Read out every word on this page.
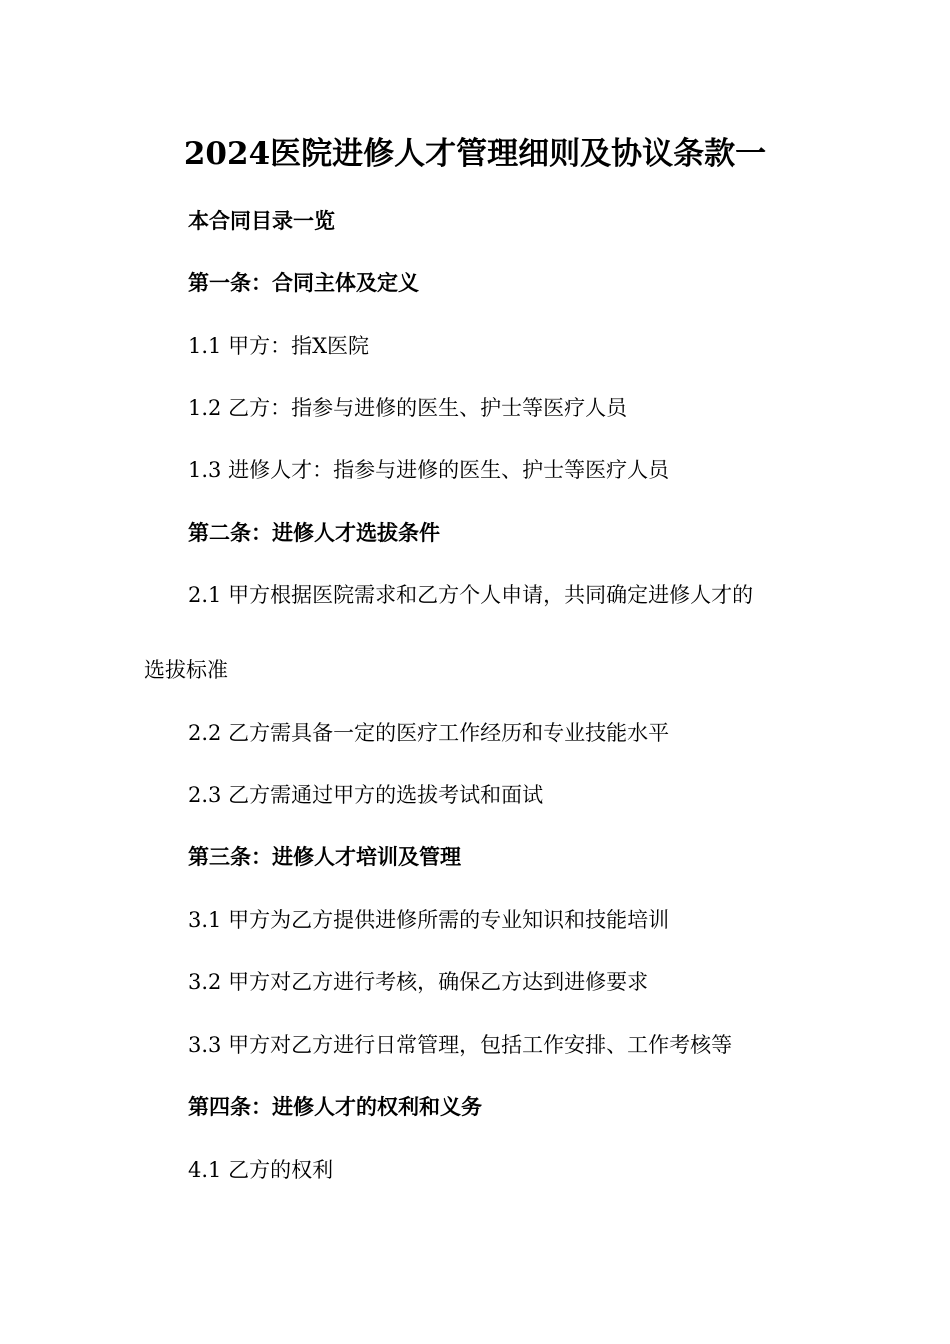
2024医院进修人才管理细则及协议条款一
本合同目录一览
第一条：合同主体及定义
1.1 甲方：指X医院
1.2 乙方：指参与进修的医生、护士等医疗人员
1.3 进修人才：指参与进修的医生、护士等医疗人员
第二条：进修人才选拔条件
2.1 甲方根据医院需求和乙方个人申请，共同确定进修人才的
选拔标准
2.2 乙方需具备一定的医疗工作经历和专业技能水平
2.3 乙方需通过甲方的选拔考试和面试
第三条：进修人才培训及管理
3.1 甲方为乙方提供进修所需的专业知识和技能培训
3.2 甲方对乙方进行考核，确保乙方达到进修要求
3.3 甲方对乙方进行日常管理，包括工作安排、工作考核等
第四条：进修人才的权利和义务
4.1 乙方的权利
